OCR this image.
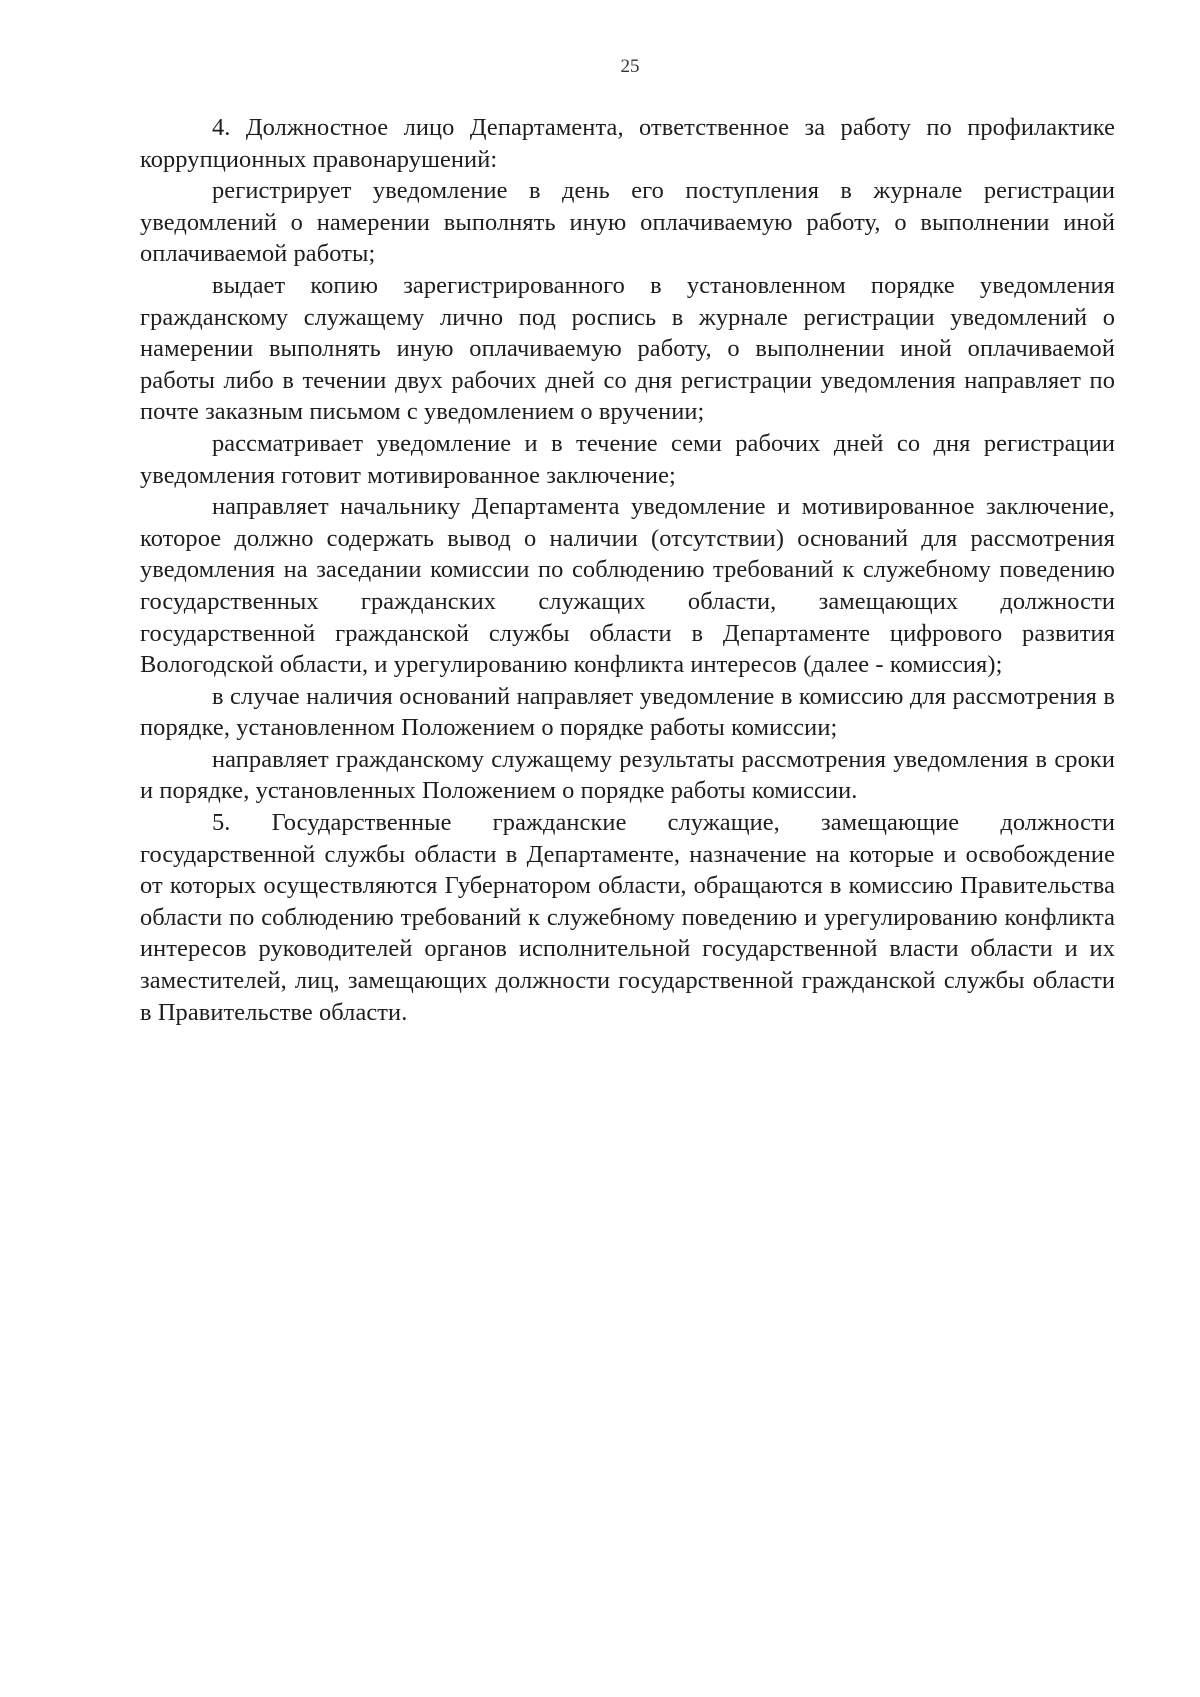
25

4. Должностное лицо Департамента, ответственное за работу по профилактике коррупционных правонарушений:

регистрирует уведомление в день его поступления в журнале регистрации уведомлений о намерении выполнять иную оплачиваемую работу, о выполнении иной оплачиваемой работы;

выдает копию зарегистрированного в установленном порядке уведомления гражданскому служащему лично под роспись в журнале регистрации уведомлений о намерении выполнять иную оплачиваемую работу, о выполнении иной оплачиваемой работы либо в течении двух рабочих дней со дня регистрации уведомления направляет по почте заказным письмом с уведомлением о вручении;

рассматривает уведомление и в течение семи рабочих дней со дня регистрации уведомления готовит мотивированное заключение;

направляет начальнику Департамента уведомление и мотивированное заключение, которое должно содержать вывод о наличии (отсутствии) оснований для рассмотрения уведомления на заседании комиссии по соблюдению требований к служебному поведению государственных гражданских служащих области, замещающих должности государственной гражданской службы области в Департаменте цифрового развития Вологодской области, и урегулированию конфликта интересов (далее - комиссия);

в случае наличия оснований направляет уведомление в комиссию для рассмотрения в порядке, установленном Положением о порядке работы комиссии;

направляет гражданскому служащему результаты рассмотрения уведомления в сроки и порядке, установленных Положением о порядке работы комиссии.

5. Государственные гражданские служащие, замещающие должности государственной службы области в Департаменте, назначение на которые и освобождение от которых осуществляются Губернатором области, обращаются в комиссию Правительства области по соблюдению требований к служебному поведению и урегулированию конфликта интересов руководителей органов исполнительной государственной власти области и их заместителей, лиц, замещающих должности государственной гражданской службы области в Правительстве области.
